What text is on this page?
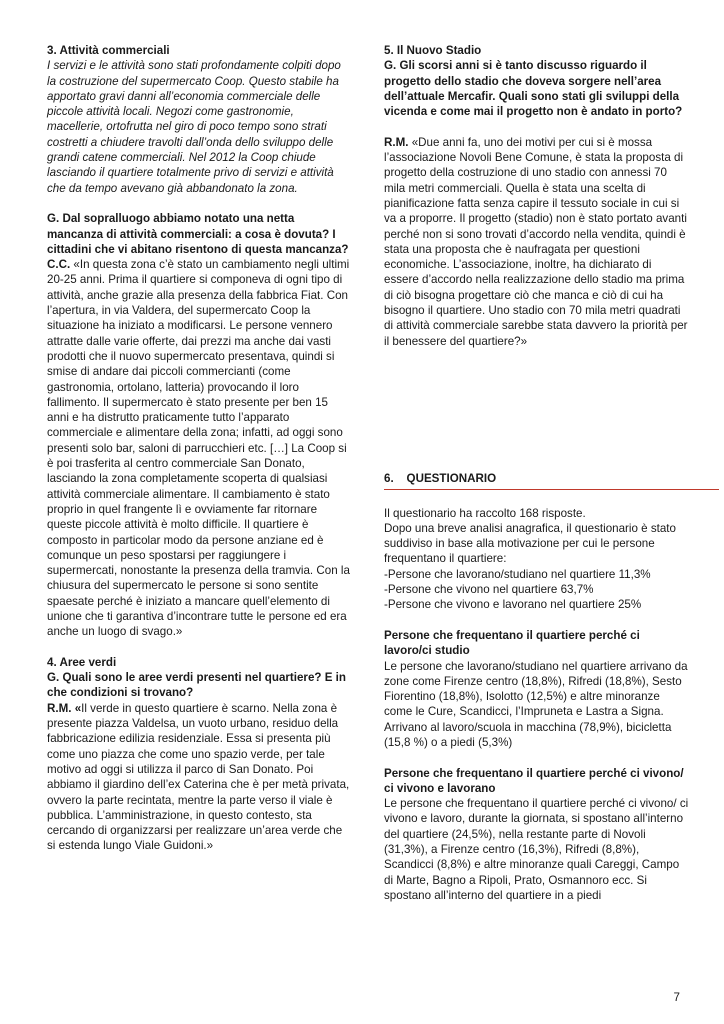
3. Attività commerciali

I servizi e le attività sono stati profondamente colpiti dopo la costruzione del supermercato Coop. Questo stabile ha apportato gravi danni all’economia commerciale delle piccole attività locali. Negozi come gastronomie, macellerie, ortofrutta nel giro di poco tempo sono strati costretti a chiudere travolti dall’onda dello sviluppo delle grandi catene commerciali. Nel 2012 la Coop chiude lasciando il quartiere totalmente privo di servizi e attività che da tempo avevano già abbandonato la zona.

G. Dal sopralluogo abbiamo notato una netta mancanza di attività commerciali: a cosa è dovuta? I cittadini che vi abitano risentono di questa mancanza?

C.C. «In questa zona c’è stato un cambiamento negli ultimi 20-25 anni. Prima il quartiere si componeva di ogni tipo di attività, anche grazie alla presenza della fabbrica Fiat. Con l’apertura, in via Valdera, del supermercato Coop la situazione ha iniziato a modificarsi. Le persone vennero attratte dalle varie offerte, dai prezzi ma anche dai vasti prodotti che il nuovo supermercato presentava, quindi si smise di andare dai piccoli commercianti (come gastronomia, ortolano, latteria) provocando il loro fallimento. Il supermercato è stato presente per ben 15 anni e ha distrutto praticamente tutto l’apparato commerciale e alimentare della zona; infatti, ad oggi sono presenti solo bar, saloni di parrucchieri etc. […] La Coop si è poi trasferita al centro commerciale San Donato, lasciando la zona completamente scoperta di qualsiasi attività commerciale alimentare. Il cambiamento è stato proprio in quel frangente lì e ovviamente far ritornare queste piccole attività è molto difficile. Il quartiere è composto in particolar modo da persone anziane ed è comunque un peso spostarsi per raggiungere i supermercati, nonostante la presenza della tramvia. Con la chiusura del supermercato le persone si sono sentite spaesate perché è iniziato a mancare quell’elemento di unione che ti garantiva d’incontrare tutte le persone ed era anche un luogo di svago.»

4. Aree verdi

G. Quali sono le aree verdi presenti nel quartiere? E in che condizioni si trovano?

R.M. «Il verde in questo quartiere è scarno. Nella zona è presente piazza Valdelsa, un vuoto urbano, residuo della fabbricazione edilizia residenziale. Essa si presenta più come uno piazza che come uno spazio verde, per tale motivo ad oggi si utilizza il parco di San Donato. Poi abbiamo il giardino dell’ex Caterina che è per metà privata, ovvero la parte recintata, mentre la parte verso il viale è pubblica. L’amministrazione, in questo contesto, sta cercando di organizzarsi per realizzare un’area verde che si estenda lungo Viale Guidoni.»

5. Il Nuovo Stadio

G. Gli scorsi anni si è tanto discusso riguardo il progetto dello stadio che doveva sorgere nell’area dell’attuale Mercafir. Quali sono stati gli sviluppi della vicenda e come mai il progetto non è andato in porto?

R.M. «Due anni fa, uno dei motivi per cui si è mossa l’associazione Novoli Bene Comune, è stata la proposta di progetto della costruzione di uno stadio con annessi 70 mila metri commerciali. Quella è stata una scelta di pianificazione fatta senza capire il tessuto sociale in cui si va a proporre. Il progetto (stadio) non è stato portato avanti perché non si sono trovati d’accordo nella vendita, quindi è stata una proposta che è naufragata per questioni economiche. L’associazione, inoltre, ha dichiarato di essere d’accordo nella realizzazione dello stadio ma prima di ciò bisogna progettare ciò che manca e ciò di cui ha bisogno il quartiere. Uno stadio con 70 mila metri quadrati di attività commerciale sarebbe stata davvero la priorità per il benessere del quartiere?»

6.    QUESTIONARIO

Il questionario ha raccolto 168 risposte.

Dopo una breve analisi anagrafica, il questionario è stato suddiviso in base alla motivazione per cui le persone frequentano il quartiere:

-Persone che lavorano/studiano nel quartiere 11,3%

-Persone che vivono nel quartiere 63,7%

-Persone che vivono e lavorano nel quartiere 25%

Persone che frequentano il quartiere perché ci lavoro/ci studio

Le persone che lavorano/studiano nel quartiere arrivano da zone come Firenze centro (18,8%), Rifredi (18,8%), Sesto Fiorentino (18,8%), Isolotto (12,5%) e altre minoranze come le Cure, Scandicci, l’Impruneta e Lastra a Signa. Arrivano al lavoro/scuola in macchina (78,9%), bicicletta (15,8 %) o a piedi (5,3%)

Persone che frequentano il quartiere perché ci vivono/ ci vivono e lavorano

Le persone che frequentano il quartiere perché ci vivono/ ci vivono e lavoro, durante la giornata, si spostano all’interno del quartiere (24,5%), nella restante parte di Novoli (31,3%), a Firenze centro (16,3%), Rifredi (8,8%), Scandicci (8,8%) e altre minoranze quali Careggi, Campo di Marte, Bagno a Ripoli, Prato, Osmannoro ecc. Si spostano all’interno del quartiere in a piedi

7
